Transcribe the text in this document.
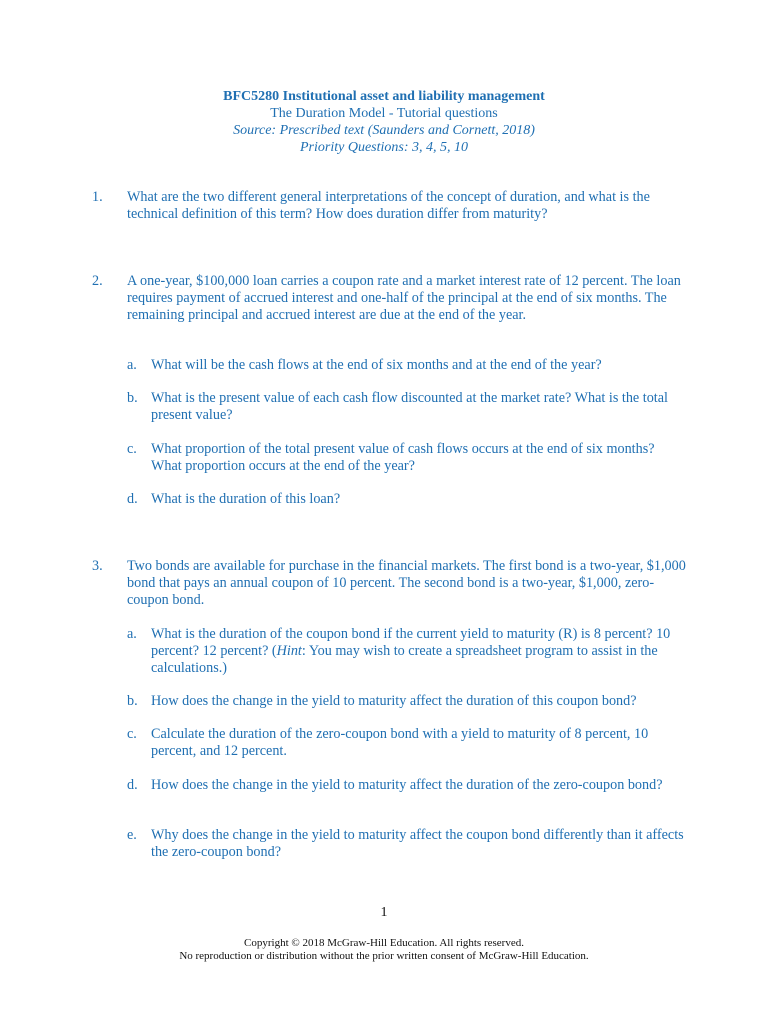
BFC5280 Institutional asset and liability management
The Duration Model - Tutorial questions
Source: Prescribed text (Saunders and Cornett, 2018)
Priority Questions: 3, 4, 5, 10
1. What are the two different general interpretations of the concept of duration, and what is the technical definition of this term? How does duration differ from maturity?
2. A one-year, $100,000 loan carries a coupon rate and a market interest rate of 12 percent. The loan requires payment of accrued interest and one-half of the principal at the end of six months. The remaining principal and accrued interest are due at the end of the year.
a. What will be the cash flows at the end of six months and at the end of the year?
b. What is the present value of each cash flow discounted at the market rate? What is the total present value?
c. What proportion of the total present value of cash flows occurs at the end of six months? What proportion occurs at the end of the year?
d. What is the duration of this loan?
3. Two bonds are available for purchase in the financial markets. The first bond is a two-year, $1,000 bond that pays an annual coupon of 10 percent. The second bond is a two-year, $1,000, zero-coupon bond.
a. What is the duration of the coupon bond if the current yield to maturity (R) is 8 percent? 10 percent? 12 percent? (Hint: You may wish to create a spreadsheet program to assist in the calculations.)
b. How does the change in the yield to maturity affect the duration of this coupon bond?
c. Calculate the duration of the zero-coupon bond with a yield to maturity of 8 percent, 10 percent, and 12 percent.
d. How does the change in the yield to maturity affect the duration of the zero-coupon bond?
e. Why does the change in the yield to maturity affect the coupon bond differently than it affects the zero-coupon bond?
1
Copyright © 2018 McGraw-Hill Education. All rights reserved.
No reproduction or distribution without the prior written consent of McGraw-Hill Education.
